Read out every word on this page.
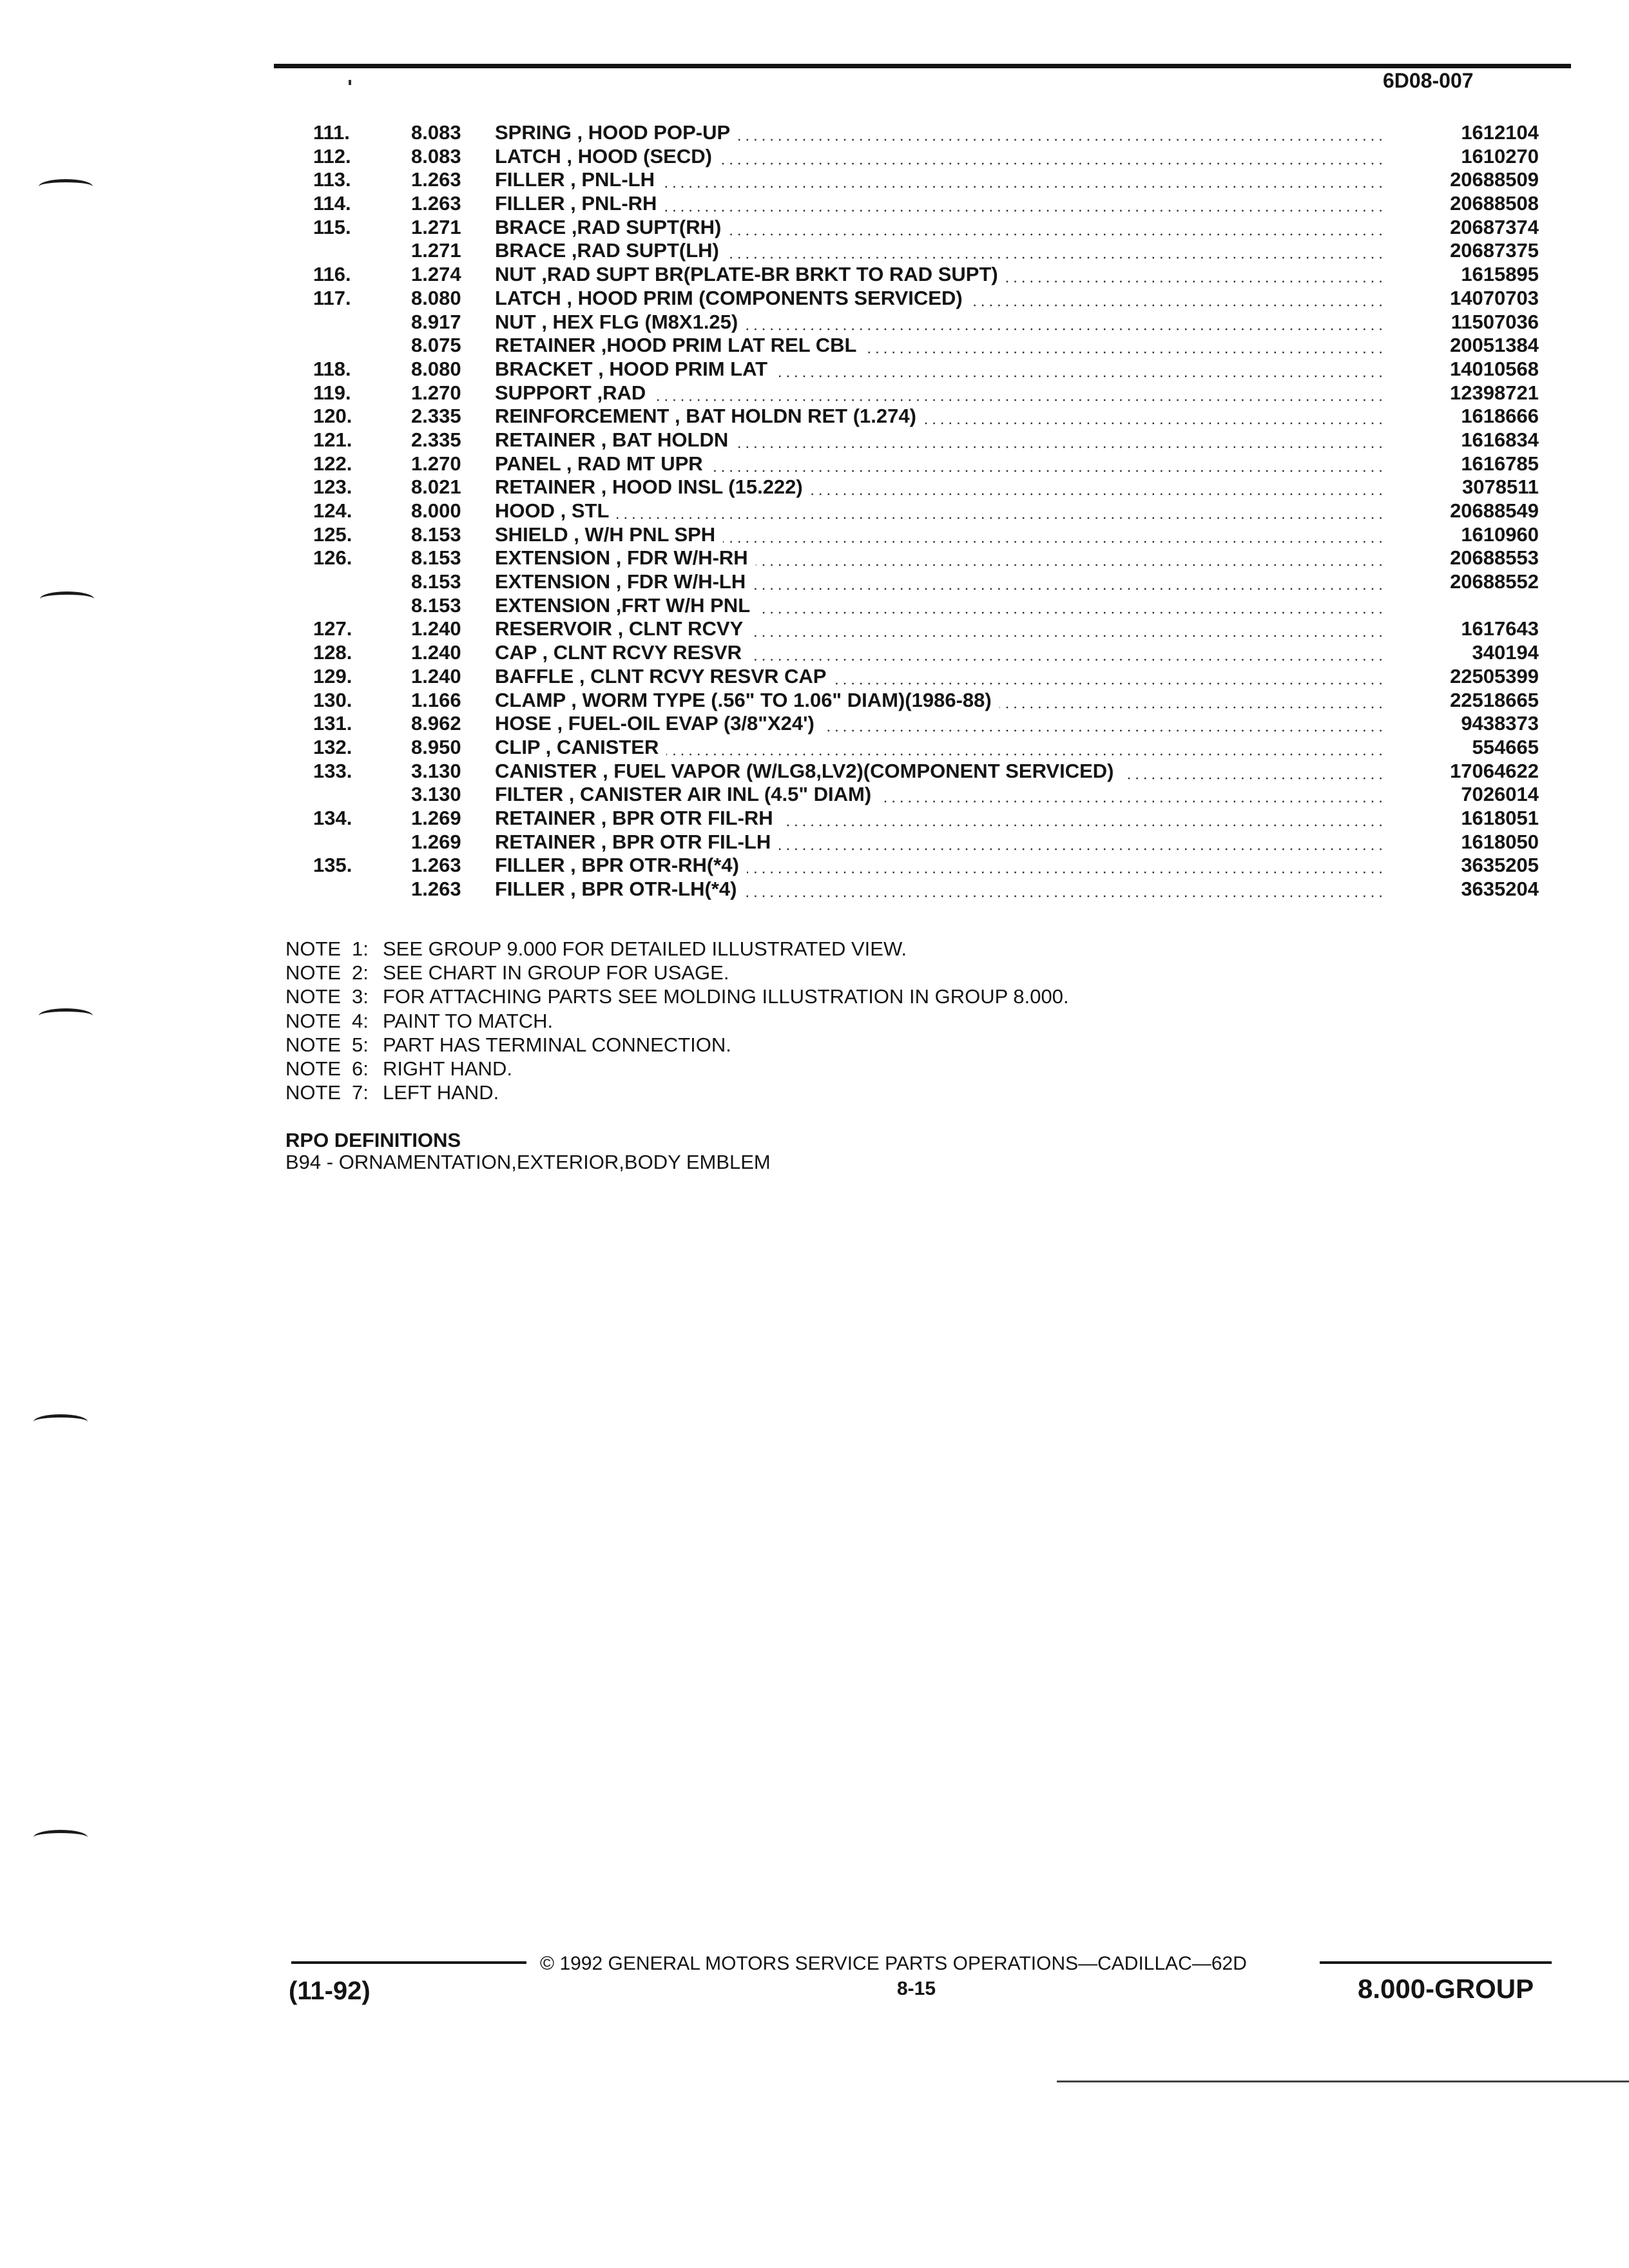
6D08-007
111.	8.083 SPRING , HOOD POP-UP	1612104
112.	8.083 LATCH , HOOD (SECD)	1610270
113.	1.263 FILLER , PNL-LH	20688509
114.	1.263 FILLER , PNL-RH	20688508
115.	1.271 BRACE ,RAD SUPT(RH)	20687374
1.271 BRACE ,RAD SUPT(LH)	20687375
116.	1.274 NUT ,RAD SUPT BR(PLATE-BR BRKT TO RAD SUPT)	1615895
117.	8.080 LATCH , HOOD PRIM (COMPONENTS SERVICED)	14070703
8.917 NUT , HEX FLG (M8X1.25)	11507036
8.075 RETAINER ,HOOD PRIM LAT REL CBL	20051384
118.	8.080 BRACKET , HOOD PRIM LAT	14010568
119.	1.270 SUPPORT ,RAD	12398721
120.	2.335 REINFORCEMENT , BAT HOLDN RET (1.274)	1618666
121.	2.335 RETAINER , BAT HOLDN	1616834
122.	1.270 PANEL , RAD MT UPR	1616785
123.	8.021 RETAINER , HOOD INSL (15.222)	3078511
124.	8.000 HOOD , STL	20688549
125.	8.153 SHIELD , W/H PNL SPH	1610960
126.	8.153 EXTENSION , FDR W/H-RH	20688553
8.153 EXTENSION , FDR W/H-LH	20688552
8.153 EXTENSION ,FRT W/H PNL
127.	1.240 RESERVOIR , CLNT RCVY	1617643
128.	1.240 CAP , CLNT RCVY RESVR	340194
129.	1.240 BAFFLE , CLNT RCVY RESVR CAP	22505399
130.	1.166 CLAMP , WORM TYPE (.56" TO 1.06" DIAM)(1986-88)	22518665
131.	8.962 HOSE , FUEL-OIL EVAP (3/8"X24')	9438373
132.	8.950 CLIP , CANISTER	554665
133.	3.130 CANISTER , FUEL VAPOR (W/LG8,LV2)(COMPONENT SERVICED)	17064622
3.130 FILTER , CANISTER AIR INL (4.5" DIAM)	7026014
134.	1.269 RETAINER , BPR OTR FIL-RH	1618051
1.269 RETAINER , BPR OTR FIL-LH	1618050
135.	1.263 FILLER , BPR OTR-RH(*4)	3635205
1.263 FILLER , BPR OTR-LH(*4)	3635204
NOTE 1: SEE GROUP 9.000 FOR DETAILED ILLUSTRATED VIEW.
NOTE 2: SEE CHART IN GROUP FOR USAGE.
NOTE 3: FOR ATTACHING PARTS SEE MOLDING ILLUSTRATION IN GROUP 8.000.
NOTE 4: PAINT TO MATCH.
NOTE 5: PART HAS TERMINAL CONNECTION.
NOTE 6: RIGHT HAND.
NOTE 7: LEFT HAND.
RPO DEFINITIONS
B94 - ORNAMENTATION,EXTERIOR,BODY EMBLEM
© 1992 GENERAL MOTORS SERVICE PARTS OPERATIONS—CADILLAC—62D
(11-92)	8-15	8.000-GROUP
